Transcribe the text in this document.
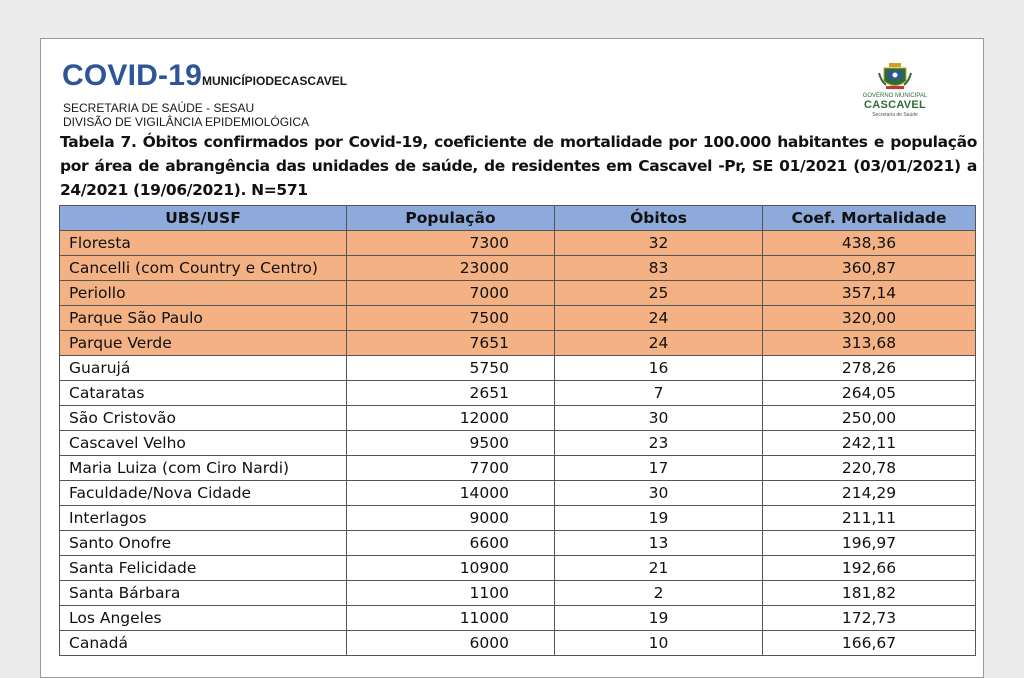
COVID-19MUNICÍPIODECASCAVEL
SECRETARIA DE SAÚDE - SESAU
DIVISÃO DE VIGILÂNCIA EPIDEMIOLÓGICA
GOVERNO MUNICIPAL
CASCAVEL
Secretaria de Saúde
Tabela 7. Óbitos confirmados por Covid-19, coeficiente de mortalidade por 100.000 habitantes e população por área de abrangência das unidades de saúde, de residentes em Cascavel -Pr, SE 01/2021 (03/01/2021) a 24/2021 (19/06/2021). N=571
UBS/USF	População	Óbitos	Coef. Mortalidade
Floresta	7300	32	438,36
Cancelli (com Country e Centro)	23000	83	360,87
Periollo	7000	25	357,14
Parque São Paulo	7500	24	320,00
Parque Verde	7651	24	313,68
Guarujá	5750	16	278,26
Cataratas	2651	7	264,05
São Cristovão	12000	30	250,00
Cascavel Velho	9500	23	242,11
Maria Luiza (com Ciro Nardi)	7700	17	220,78
Faculdade/Nova Cidade	14000	30	214,29
Interlagos	9000	19	211,11
Santo Onofre	6600	13	196,97
Santa Felicidade	10900	21	192,66
Santa Bárbara	1100	2	181,82
Los Angeles	11000	19	172,73
Canadá	6000	10	166,67
